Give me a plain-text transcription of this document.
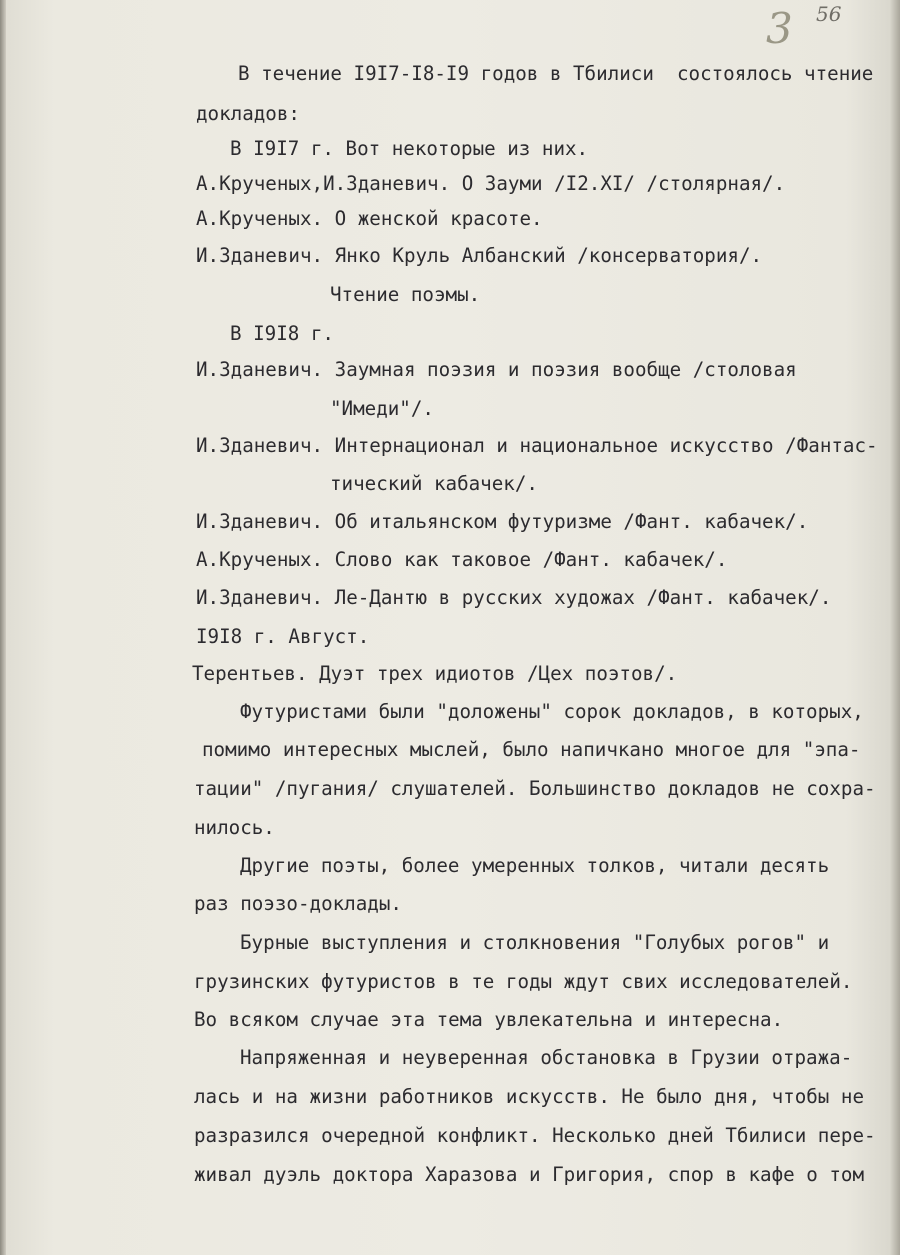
3 56
В течение I9I7-I8-I9 годов в Тбилиси  состоялось чтение
докладов:
В I9I7 г. Вот некоторые из них.
А.Крученых,И.Зданевич. О Зауми /I2.XI/ /столярная/.
А.Крученых. О женской красоте.
И.Зданевич. Янко Круль Албанский /консерватория/.
Чтение поэмы.
В I9I8 г.
И.Зданевич. Заумная поэзия и поэзия вообще /столовая
"Имеди"/.
И.Зданевич. Интернационал и национальное искусство /Фантас-
тический кабачек/.
И.Зданевич. Об итальянском футуризме /Фант. кабачек/.
А.Крученых. Слово как таковое /Фант. кабачек/.
И.Зданевич. Ле-Дантю в русских художах /Фант. кабачек/.
I9I8 г. Август.
Терентьев. Дуэт трех идиотов /Цех поэтов/.
Футуристами были "доложены" сорок докладов, в которых,
помимо интересных мыслей, было напичкано многое для "эпа-
тации" /пугания/ слушателей. Большинство докладов не сохра-
нилось.
Другие поэты, более умеренных толков, читали десять
раз поэзо-доклады.
Бурные выступления и столкновения "Голубых рогов" и
грузинских футуристов в те годы ждут свих исследователей.
Во всяком случае эта тема увлекательна и интересна.
Напряженная и неуверенная обстановка в Грузии отража-
лась и на жизни работников искусств. Не было дня, чтобы не
разразился очередной конфликт. Несколько дней Тбилиси пере-
живал дуэль доктора Харазова и Григория, спор в кафе о том
